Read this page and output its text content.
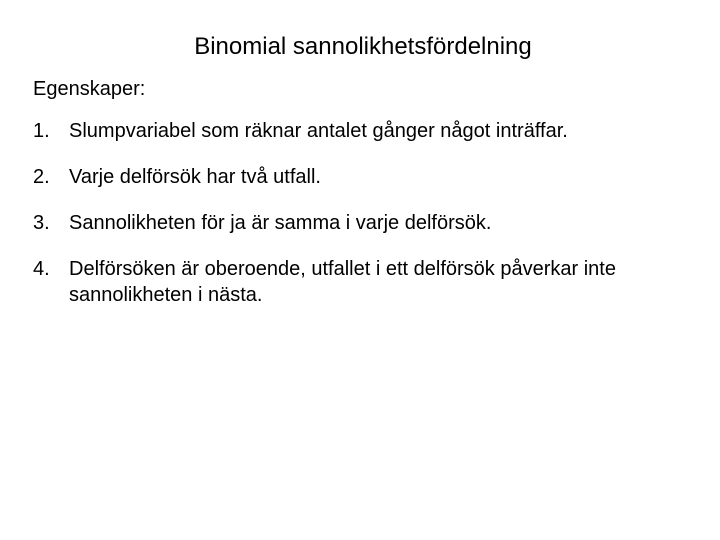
Binomial sannolikhetsfördelning

Egenskaper:

1. Slumpvariabel som räknar antalet gånger något inträffar.
2. Varje delförsök har två utfall.
3. Sannolikheten för ja är samma i varje delförsök.
4. Delförsöken är oberoende, utfallet i ett delförsök påverkar inte sannolikheten i nästa.
